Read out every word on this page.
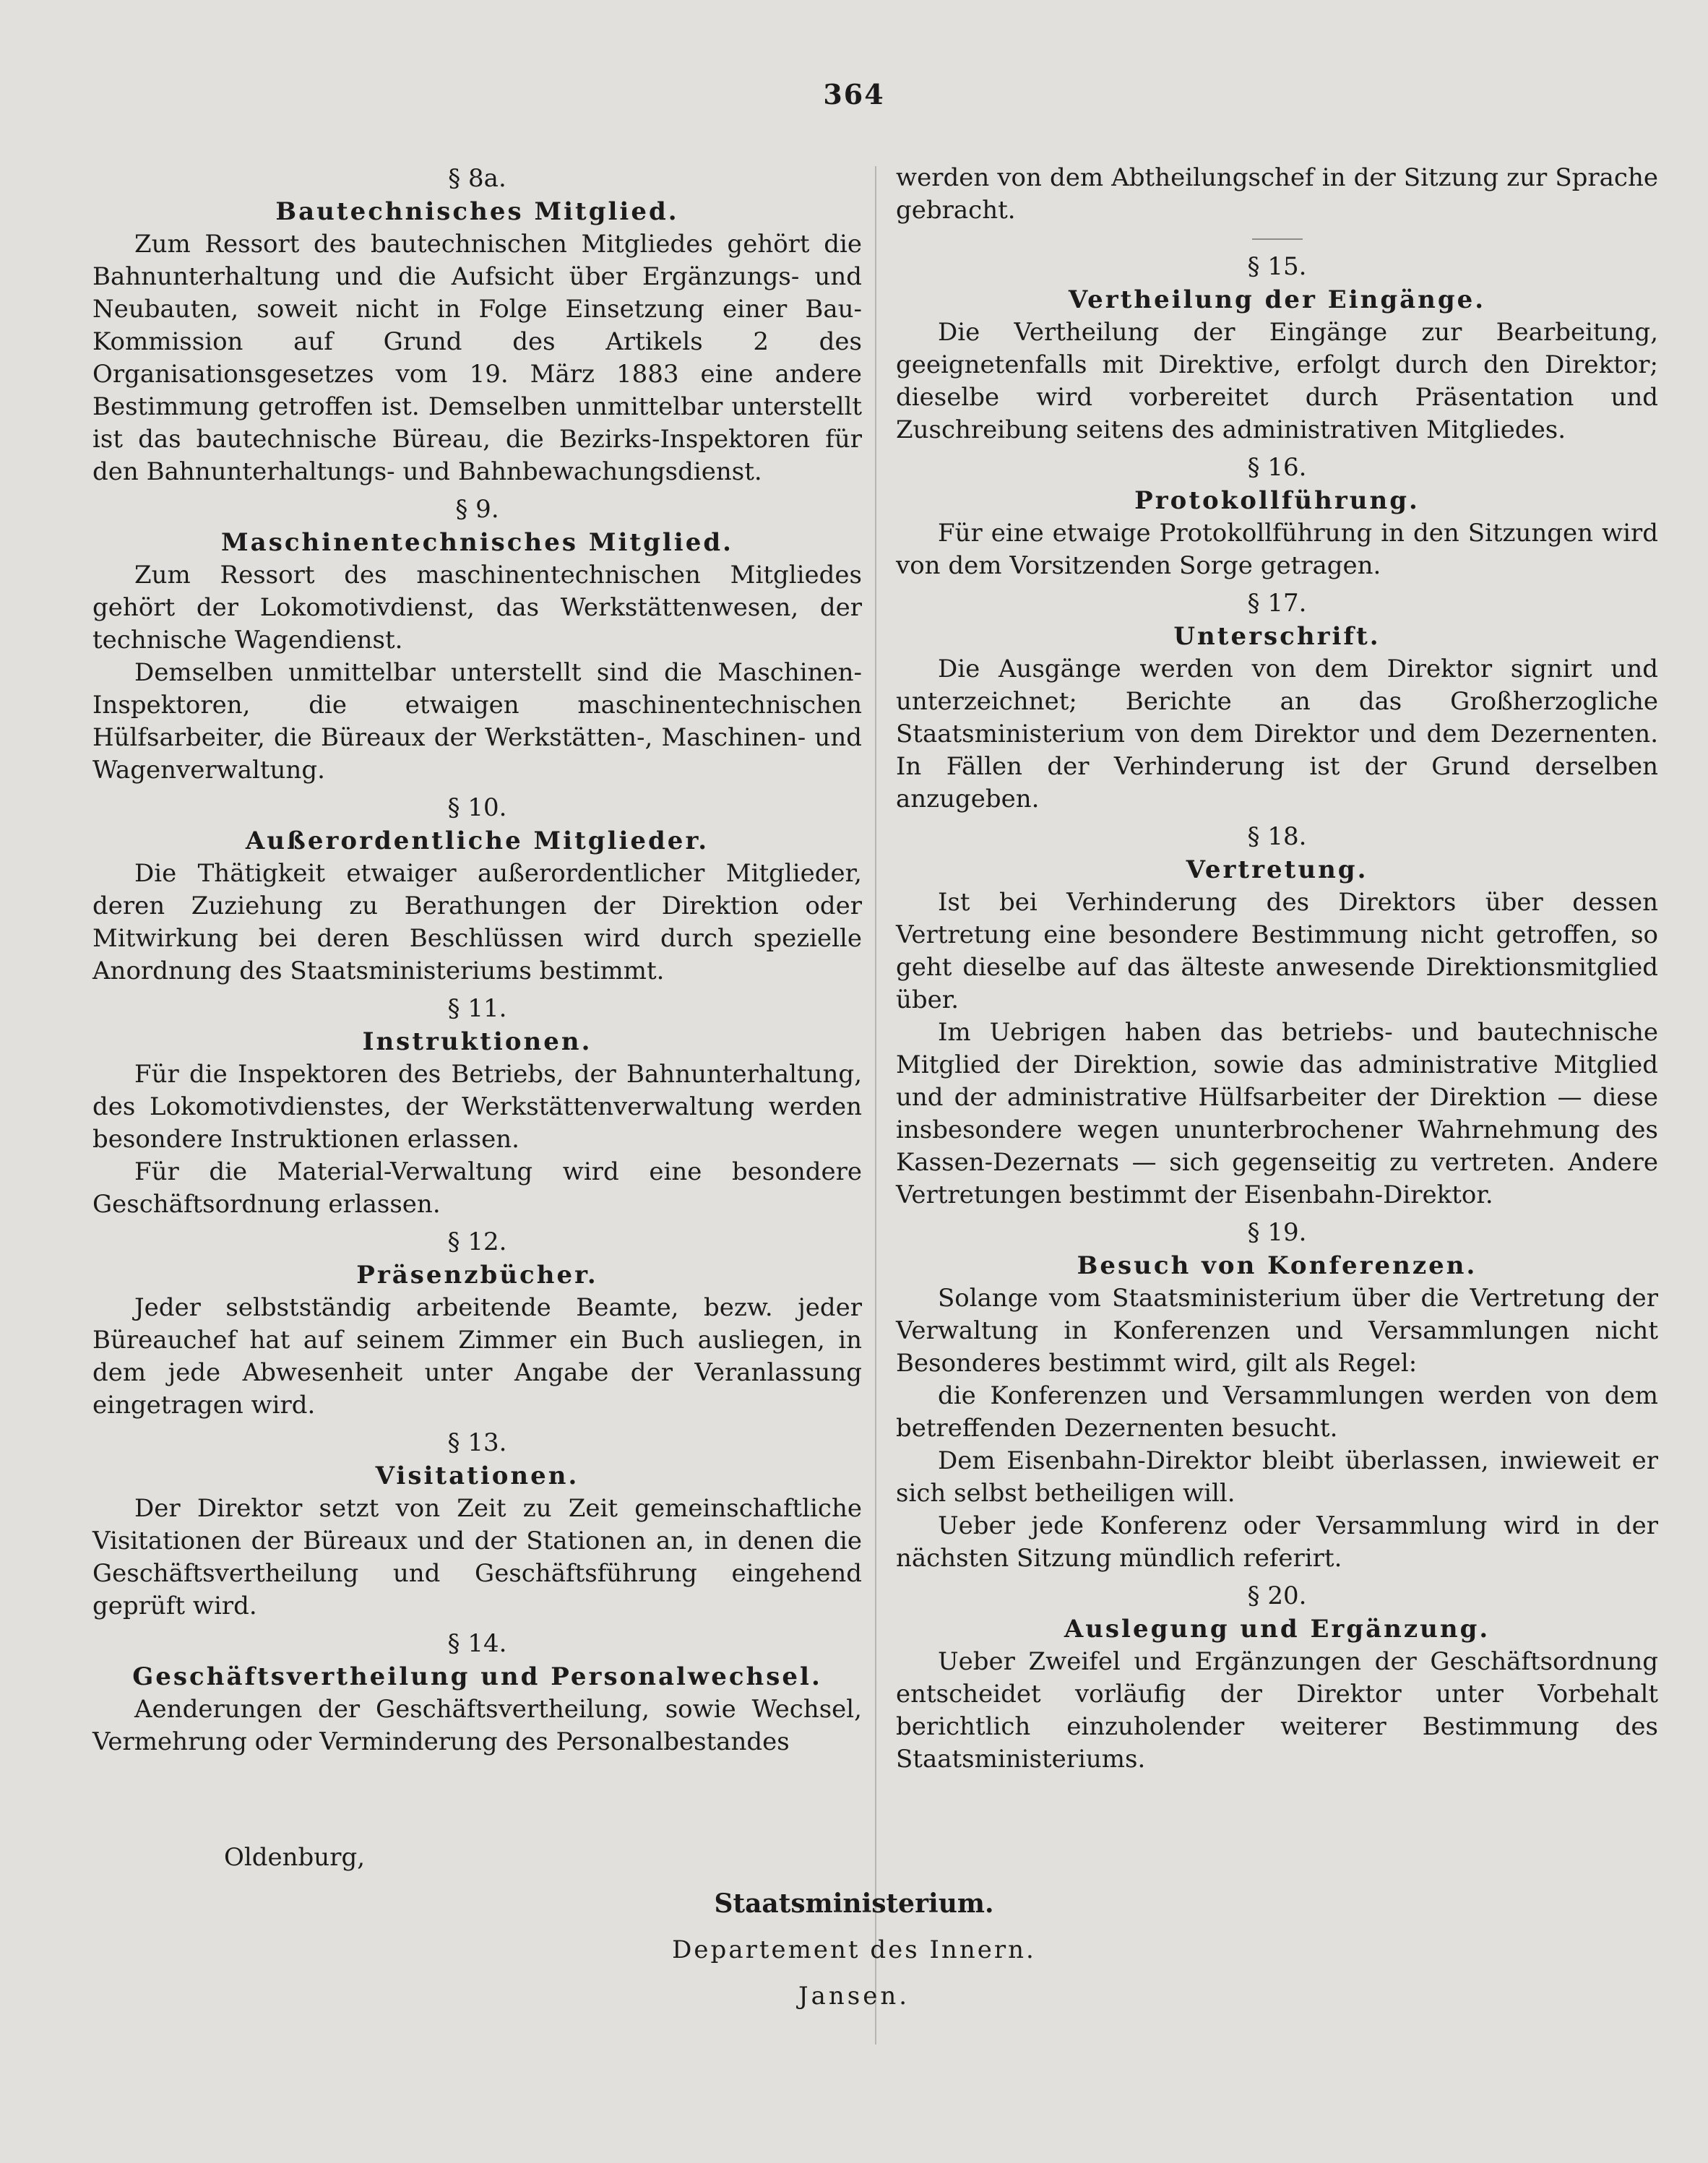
364
§ 8a.
Bautechnisches Mitglied.

Zum Ressort des bautechnischen Mitgliedes gehört die Bahnunterhaltung und die Aufsicht über Ergänzungs- und Neubauten, soweit nicht in Folge Einsetzung einer Bau-Kommission auf Grund des Artikels 2 des Organisationsgesetzes vom 19. März 1883 eine andere Bestimmung getroffen ist. Demselben unmittelbar unterstellt ist das bautechnische Büreau, die Bezirks-Inspektoren für den Bahnunterhaltungs- und Bahnbewachungsdienst.

§ 9.
Maschinentechnisches Mitglied.

Zum Ressort des maschinentechnischen Mitgliedes gehört der Lokomotivdienst, das Werkstättenwesen, der technische Wagendienst.

Demselben unmittelbar unterstellt sind die Maschinen-Inspektoren, die etwaigen maschinentechnischen Hülfsarbeiter, die Büreaux der Werkstätten-, Maschinen- und Wagenverwaltung.

§ 10.
Außerordentliche Mitglieder.

Die Thätigkeit etwaiger außerordentlicher Mitglieder, deren Zuziehung zu Berathungen der Direktion oder Mitwirkung bei deren Beschlüssen wird durch spezielle Anordnung des Staatsministeriums bestimmt.

§ 11.
Instruktionen.

Für die Inspektoren des Betriebs, der Bahnunterhaltung, des Lokomotivdienstes, der Werkstättenverwaltung werden besondere Instruktionen erlassen.

Für die Material-Verwaltung wird eine besondere Geschäftsordnung erlassen.

§ 12.
Präsenzbücher.

Jeder selbstständig arbeitende Beamte, bezw. jeder Büreauchef hat auf seinem Zimmer ein Buch ausliegen, in dem jede Abwesenheit unter Angabe der Veranlassung eingetragen wird.

§ 13.
Visitationen.

Der Direktor setzt von Zeit zu Zeit gemeinschaftliche Visitationen der Büreaux und der Stationen an, in denen die Geschäftsvertheilung und Geschäftsführung eingehend geprüft wird.

§ 14.
Geschäftsvertheilung und Personalwechsel.

Aenderungen der Geschäftsvertheilung, sowie Wechsel, Vermehrung oder Verminderung des Personalbestandes

werden von dem Abtheilungschef in der Sitzung zur Sprache gebracht.

§ 15.
Vertheilung der Eingänge.

Die Vertheilung der Eingänge zur Bearbeitung, geeignetenfalls mit Direktive, erfolgt durch den Direktor; dieselbe wird vorbereitet durch Präsentation und Zuschreibung seitens des administrativen Mitgliedes.

§ 16.
Protokollführung.

Für eine etwaige Protokollführung in den Sitzungen wird von dem Vorsitzenden Sorge getragen.

§ 17.
Unterschrift.

Die Ausgänge werden von dem Direktor signirt und unterzeichnet; Berichte an das Großherzogliche Staatsministerium von dem Direktor und dem Dezernenten. In Fällen der Verhinderung ist der Grund derselben anzugeben.

§ 18.
Vertretung.

Ist bei Verhinderung des Direktors über dessen Vertretung eine besondere Bestimmung nicht getroffen, so geht dieselbe auf das älteste anwesende Direktionsmitglied über.

Im Uebrigen haben das betriebs- und bautechnische Mitglied der Direktion, sowie das administrative Mitglied und der administrative Hülfsarbeiter der Direktion — diese insbesondere wegen ununterbrochener Wahrnehmung des Kassen-Dezernats — sich gegenseitig zu vertreten. Andere Vertretungen bestimmt der Eisenbahn-Direktor.

§ 19.
Besuch von Konferenzen.

Solange vom Staatsministerium über die Vertretung der Verwaltung in Konferenzen und Versammlungen nicht Besonderes bestimmt wird, gilt als Regel:

die Konferenzen und Versammlungen werden von dem betreffenden Dezernenten besucht.

Dem Eisenbahn-Direktor bleibt überlassen, inwieweit er sich selbst betheiligen will.

Ueber jede Konferenz oder Versammlung wird in der nächsten Sitzung mündlich referirt.

§ 20.
Auslegung und Ergänzung.

Ueber Zweifel und Ergänzungen der Geschäftsordnung entscheidet vorläufig der Direktor unter Vorbehalt berichtlich einzuholender weiterer Bestimmung des Staatsministeriums.

Oldenburg,
Staatsministerium.
Departement des Innern.
Jansen.
